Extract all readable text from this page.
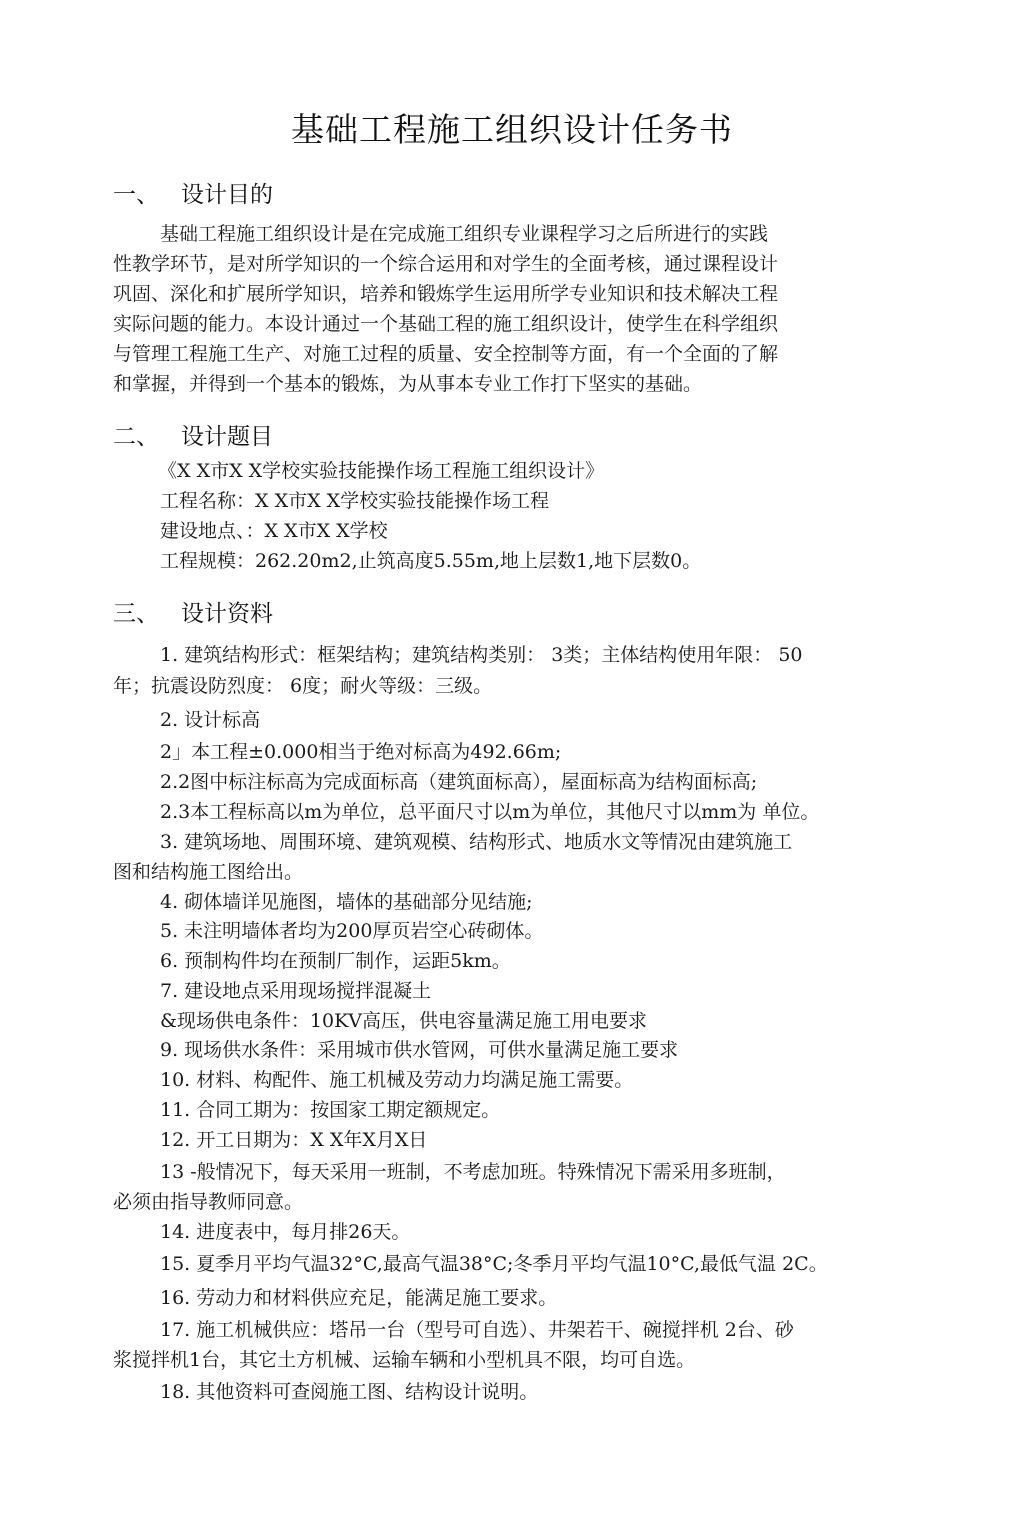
基础工程施工组织设计任务书
一、 设计目的
基础工程施工组织设计是在完成施工组织专业课程学习之后所进行的实践
性教学环节，是对所学知识的一个综合运用和对学生的全面考核，通过课程设计
巩固、深化和扩展所学知识，培养和锻炼学生运用所学专业知识和技术解决工程
实际问题的能力。本设计通过一个基础工程的施工组织设计，使学生在科学组织
与管理工程施工生产、对施工过程的质量、安全控制等方面，有一个全面的了解
和掌握，并得到一个基本的锻炼，为从事本专业工作打下坚实的基础。
二、 设计题目
《X X市X X学校实验技能操作场工程施工组织设计》
工程名称：X X市X X学校实验技能操作场工程
建设地点、：X X市X X学校
工程规模：262.20m2,止筑高度5.55m,地上层数1,地下层数0。
三、 设计资料
1. 建筑结构形式：框架结构；建筑结构类别： 3类；主体结构使用年限： 50
年；抗震设防烈度： 6度；耐火等级：三级。
2. 设计标高
2」本工程±0.000相当于绝对标高为492.66m;
2.2图中标注标高为完成面标高（建筑面标高），屋面标高为结构面标高;
2.3本工程标高以m为单位，总平面尺寸以m为单位，其他尺寸以mm为 单位。
3. 建筑场地、周围环境、建筑观模、结构形式、地质水文等情况由建筑施工
图和结构施工图给出。
4. 砌体墙详见施图，墙体的基础部分见结施;
5. 未注明墙体者均为200厚页岩空心砖砌体。
6. 预制构件均在预制厂制作，运距5km。
7. 建设地点采用现场搅拌混凝土
&现场供电条件：10KV高压，供电容量满足施工用电要求
9. 现场供水条件：采用城市供水管网，可供水量满足施工要求
10. 材料、构配件、施工机械及劳动力均满足施工需要。
11. 合同工期为：按国家工期定额规定。
12. 开工日期为：X X年X月X日
13 -般情况下，每天采用一班制，不考虑加班。特殊情况下需采用多班制，
必须由指导教师同意。
14. 进度表中，每月排26天。
15. 夏季月平均气温32°C,最高气温38°C;冬季月平均气温10°C,最低气温 2C。
16. 劳动力和材料供应充足，能满足施工要求。
17. 施工机械供应：塔吊一台（型号可自选）、井架若干、碗搅拌机 2台、砂
浆搅拌机1台，其它土方机械、运输车辆和小型机具不限，均可自选。
18. 其他资料可查阅施工图、结构设计说明。
